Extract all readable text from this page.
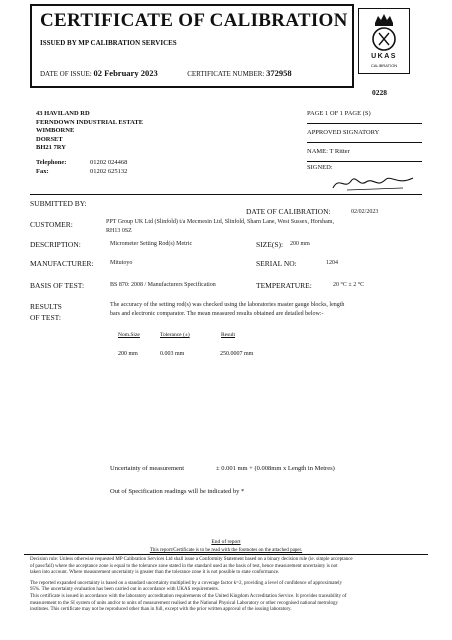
CERTIFICATE OF CALIBRATION
ISSUED BY MP CALIBRATION SERVICES
DATE OF ISSUE: 02 February 2023	CERTIFICATE NUMBER: 372958
UKAS
CALIBRATION
0228
43 HAVILAND RD
FERNDOWN INDUSTRIAL ESTATE
WIMBORNE
DORSET
BH21 7RY
Telephone:	01202 024468
Fax:	01202 625132
PAGE 1 OF 1 PAGE (S)
APPROVED SIGNATORY
NAME: T Ritter
SIGNED:
SUBMITTED BY:
DATE OF CALIBRATION:	02/02/2023
CUSTOMER:	PPT Group UK Ltd (Slinfold) t/a Mecmesin Ltd, Slinfold, Sharn Lane, West Sussex, Horsham,
RH13 0SZ
DESCRIPTION:	Micrometer Setting Rod(s) Metric	SIZE(S): 200 mm
MANUFACTURER:	Mitutoyo	SERIAL NO:	1204
BASIS OF TEST:	BS 870: 2008 / Manufacturers Specification	TEMPERATURE:	20 °C ± 2 °C
RESULTS
OF TEST:
The accuracy of the setting rod(s) was checked using the laboratories master gauge blocks, length
bars and electronic comparator. The mean measured results obtained are detailed below:-
Nom.Size	Tolerance (±)	Result
200 mm	0.003 mm	250.0007 mm
Uncertainty of measurement	± 0.001 mm + (0.008mm x Length in Metres)
Out of Specification readings will be indicated by *
End of report
This report/Certificate is to be read with the footnotes on the attached paper.
Decision rule: Unless otherwise requested MP Calibration Services Ltd shall issue a Conformity Statement based on a binary decision rule (ie. simple acceptance
of pass/fail) where the acceptance zone is equal to the tolerance zone stated in the standard used as the basis of test, hence measurement uncertainty is not
taken into account. Where measurement uncertainty is greater than the tolerance zone it is not possible to state conformance.
The reported expanded uncertainty is based on a standard uncertainty multiplied by a coverage factor k=2, providing a level of confidence of approximately
95%. The uncertainty evaluation has been carried out in accordance with UKAS requirements.
This certificate is issued in accordance with the laboratory accreditation requirements of the United Kingdom Accreditation Service. It provides traceability of
measurement to the SI system of units and/or to units of measurement realised at the National Physical Laboratory or other recognised national metrology
institutes. This certificate may not be reproduced other than in full, except with the prior written approval of the issuing laboratory.
